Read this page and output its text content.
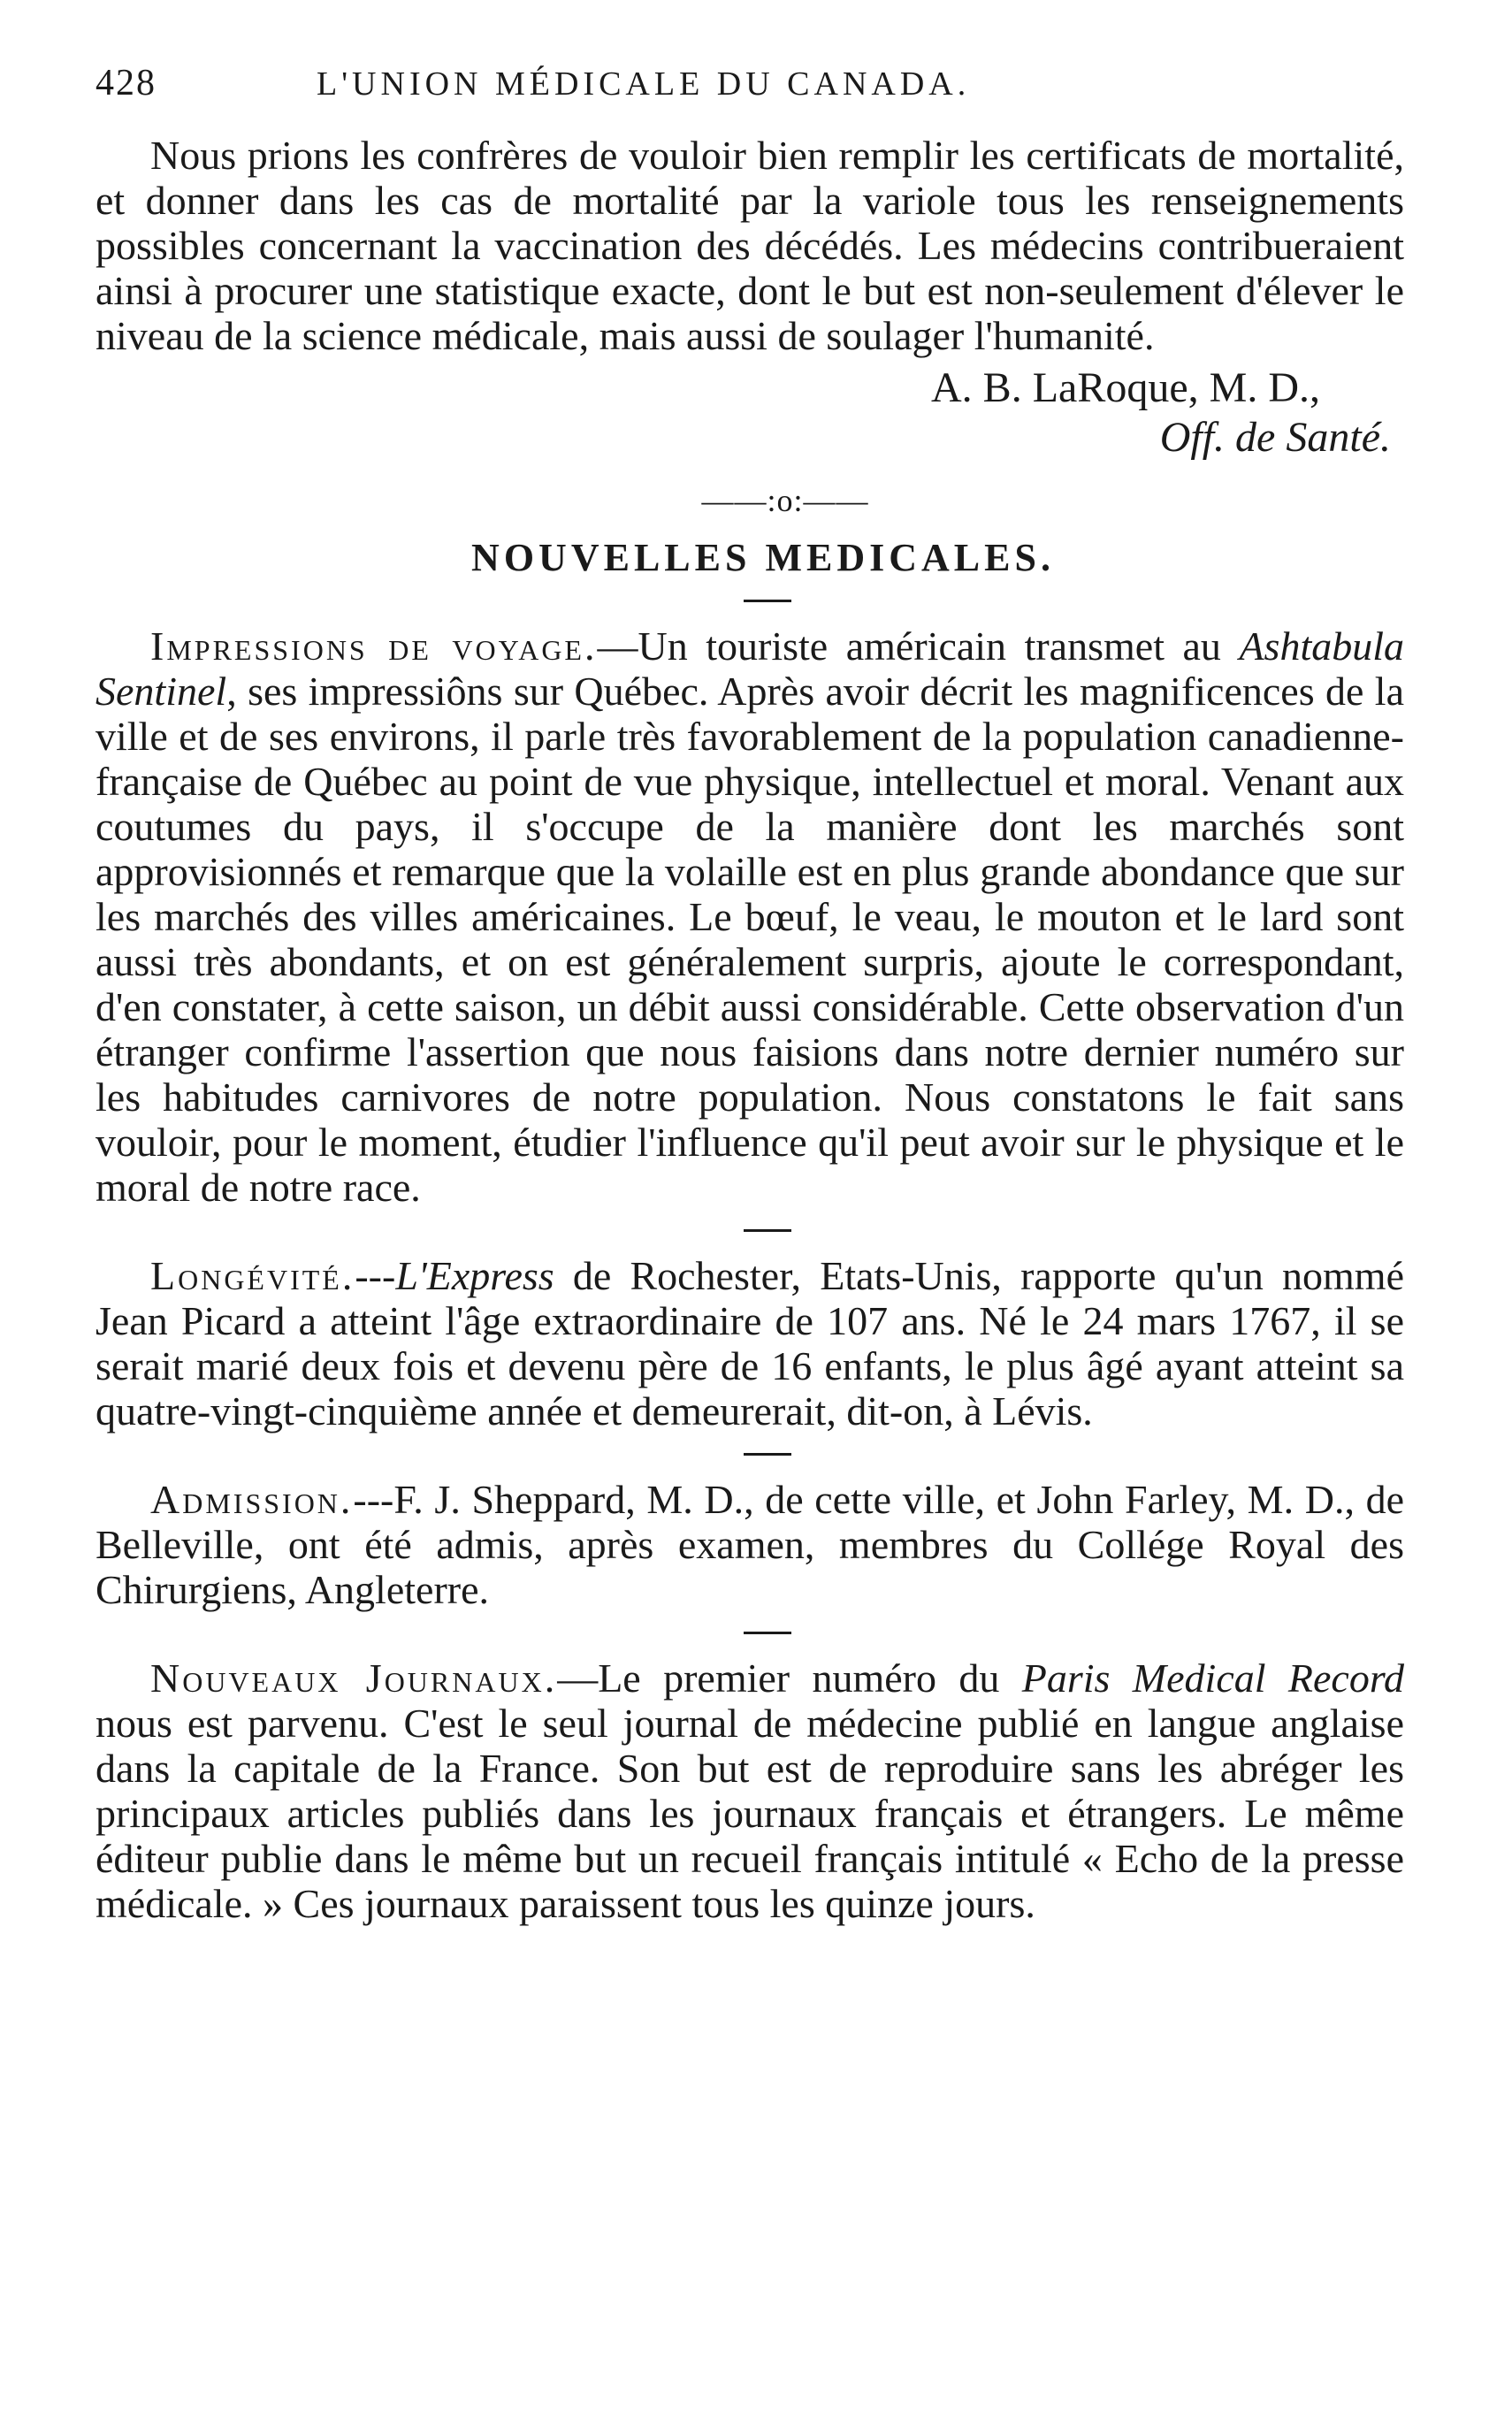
428	L'UNION MÉDICALE DU CANADA.

Nous prions les confrères de vouloir bien remplir les certificats de mortalité, et donner dans les cas de mortalité par la variole tous les renseignements possibles concernant la vaccination des décédés. Les médecins contribueraient ainsi à procurer une statistique exacte, dont le but est non-seulement d'élever le niveau de la science médicale, mais aussi de soulager l'humanité.

A. B. LaRoque, M. D.,
Off. de Santé.
——:o:——
NOUVELLES MEDICALES.

Impressions de voyage.—Un touriste américain transmet au Ashtabula Sentinel, ses impressiôns sur Québec. Après avoir décrit les magnificences de la ville et de ses environs, il parle très favorablement de la population canadienne-française de Québec au point de vue physique, intellectuel et moral. Venant aux coutumes du pays, il s'occupe de la manière dont les marchés sont approvisionnés et remarque que la volaille est en plus grande abondance que sur les marchés des villes américaines. Le bœuf, le veau, le mouton et le lard sont aussi très abondants, et on est généralement surpris, ajoute le correspondant, d'en constater, à cette saison, un débit aussi considérable. Cette observation d'un étranger confirme l'assertion que nous faisions dans notre dernier numéro sur les habitudes carnivores de notre population. Nous constatons le fait sans vouloir, pour le moment, étudier l'influence qu'il peut avoir sur le physique et le moral de notre race.

Longévité.---L'Express de Rochester, Etats-Unis, rapporte qu'un nommé Jean Picard a atteint l'âge extraordinaire de 107 ans. Né le 24 mars 1767, il se serait marié deux fois et devenu père de 16 enfants, le plus âgé ayant atteint sa quatre-vingt-cinquième année et demeurerait, dit-on, à Lévis.

Admission.---F. J. Sheppard, M. D., de cette ville, et John Farley, M. D., de Belleville, ont été admis, après examen, membres du Collége Royal des Chirurgiens, Angleterre.

Nouveaux Journaux.—Le premier numéro du Paris Medical Record nous est parvenu. C'est le seul journal de médecine publié en langue anglaise dans la capitale de la France. Son but est de reproduire sans les abréger les principaux articles publiés dans les journaux français et étrangers. Le même éditeur publie dans le même but un recueil français intitulé « Echo de la presse médicale. » Ces journaux paraissent tous les quinze jours.
